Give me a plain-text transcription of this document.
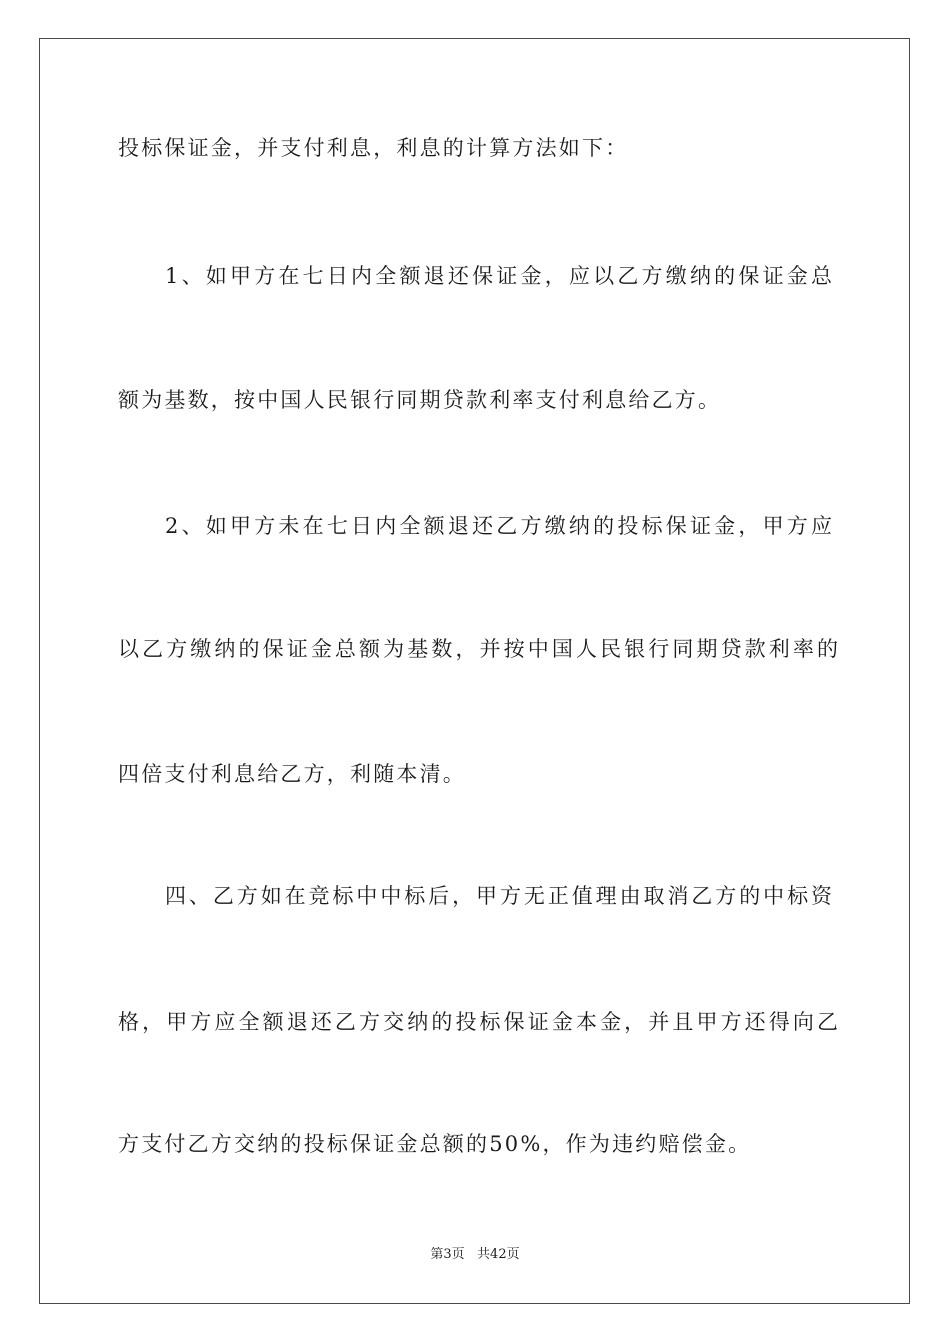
投标保证金，并支付利息，利息的计算方法如下：
1、如甲方在七日内全额退还保证金，应以乙方缴纳的保证金总
额为基数，按中国人民银行同期贷款利率支付利息给乙方。
2、如甲方未在七日内全额退还乙方缴纳的投标保证金，甲方应
以乙方缴纳的保证金总额为基数，并按中国人民银行同期贷款利率的
四倍支付利息给乙方，利随本清。
四、乙方如在竞标中中标后，甲方无正值理由取消乙方的中标资
格，甲方应全额退还乙方交纳的投标保证金本金，并且甲方还得向乙
方支付乙方交纳的投标保证金总额的50%，作为违约赔偿金。
第3页   共42页
